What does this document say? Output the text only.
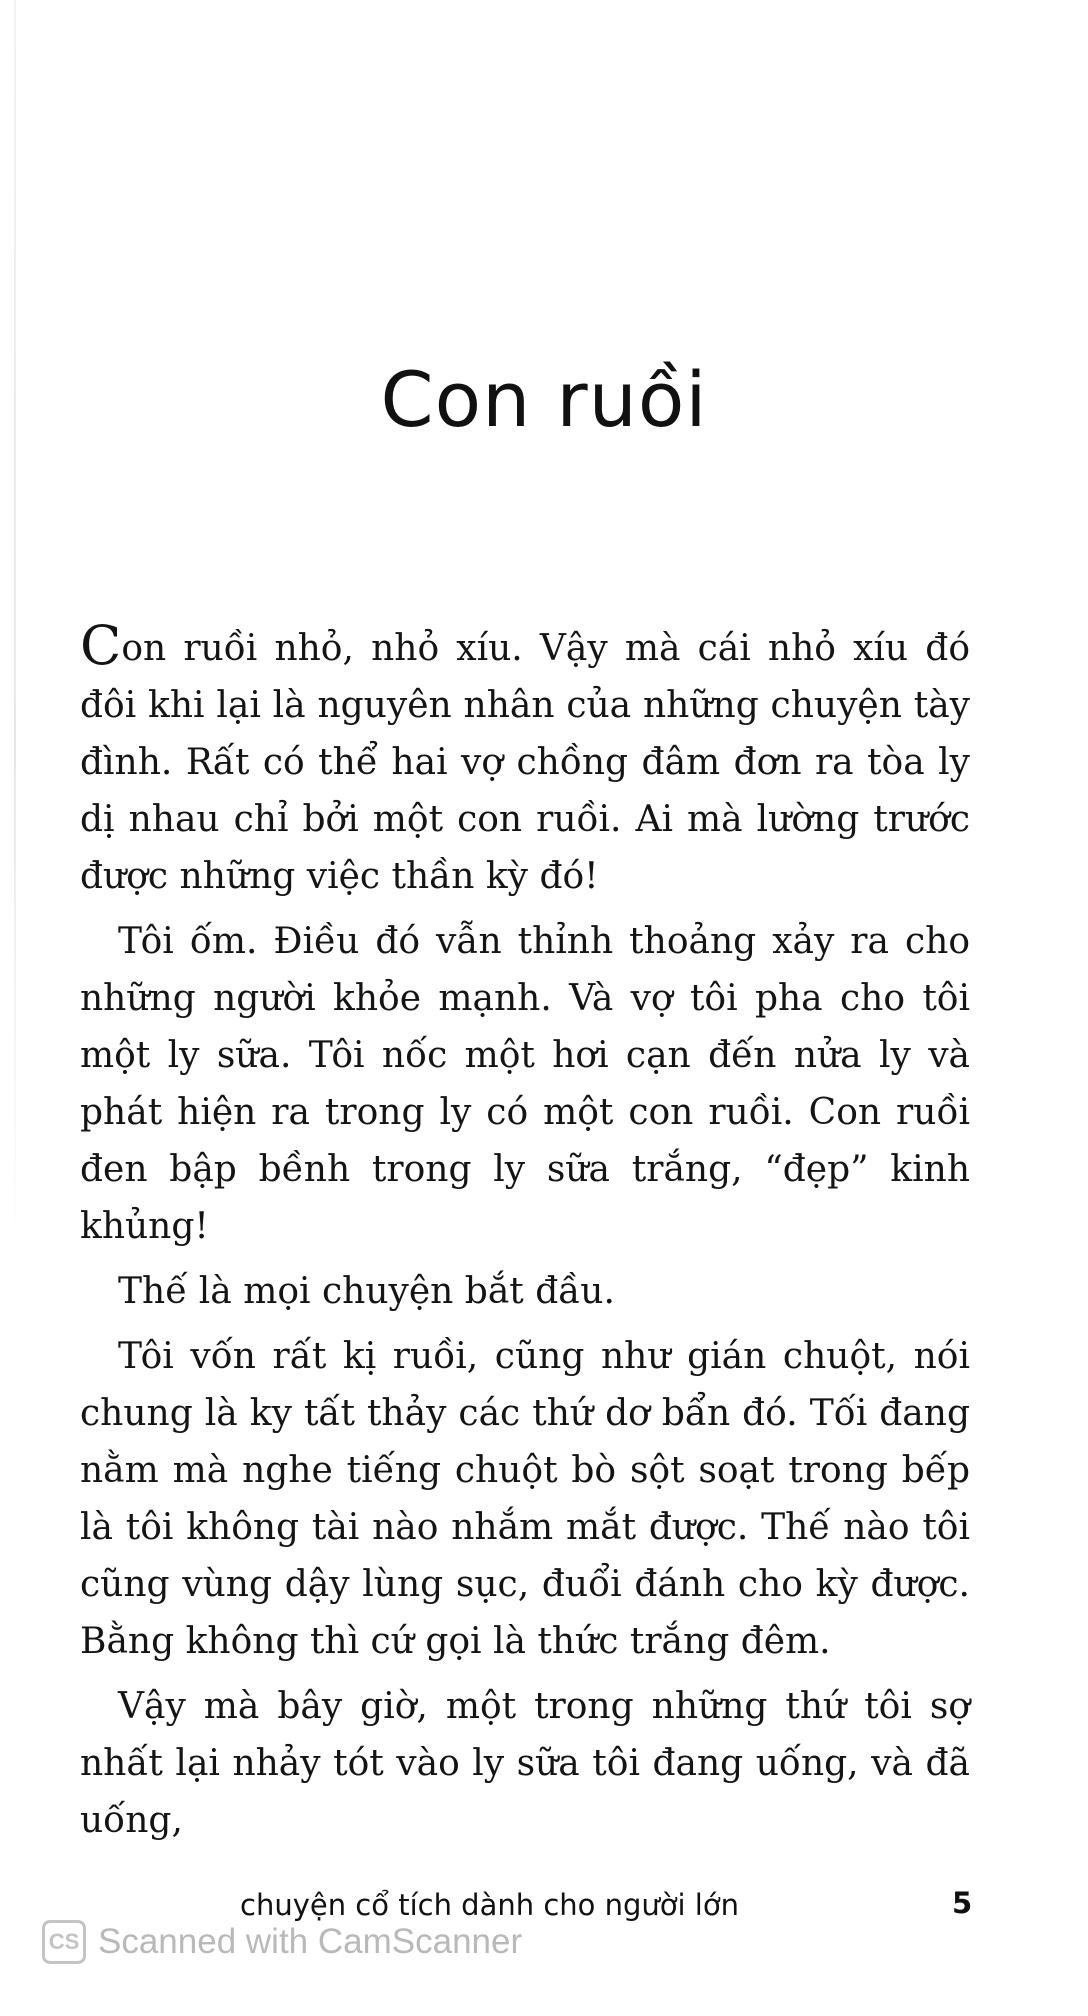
Con ruồi

Con ruồi nhỏ, nhỏ xíu. Vậy mà cái nhỏ xíu đó đôi khi lại là nguyên nhân của những chuyện tày đình. Rất có thể hai vợ chồng đâm đơn ra tòa ly dị nhau chỉ bởi một con ruồi. Ai mà lường trước được những việc thần kỳ đó!

Tôi ốm. Điều đó vẫn thỉnh thoảng xảy ra cho những người khỏe mạnh. Và vợ tôi pha cho tôi một ly sữa. Tôi nốc một hơi cạn đến nửa ly và phát hiện ra trong ly có một con ruồi. Con ruồi đen bập bềnh trong ly sữa trắng, “đẹp” kinh khủng!

Thế là mọi chuyện bắt đầu.

Tôi vốn rất kị ruồi, cũng như gián chuột, nói chung là ky tất thảy các thứ dơ bẩn đó. Tối đang nằm mà nghe tiếng chuột bò sột soạt trong bếp là tôi không tài nào nhắm mắt được. Thế nào tôi cũng vùng dậy lùng sục, đuổi đánh cho kỳ được. Bằng không thì cứ gọi là thức trắng đêm.

Vậy mà bây giờ, một trong những thứ tôi sợ nhất lại nhảy tót vào ly sữa tôi đang uống, và đã uống,

chuyện cổ tích dành cho người lớn	5
CS Scanned with CamScanner
